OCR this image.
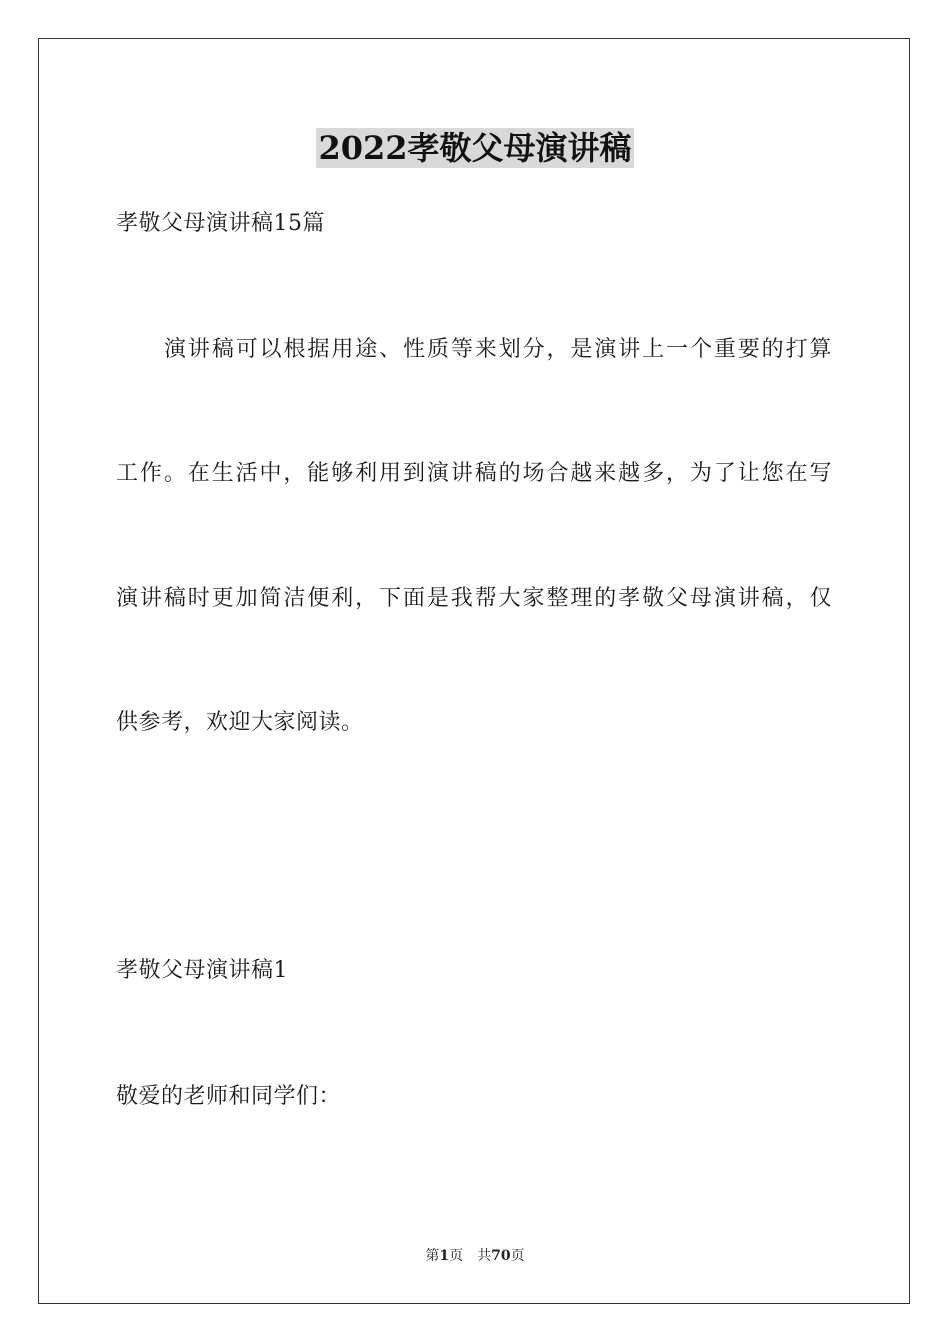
2022孝敬父母演讲稿

孝敬父母演讲稿15篇

演讲稿可以根据用途、性质等来划分，是演讲上一个重要的打算

工作。在生活中，能够利用到演讲稿的场合越来越多，为了让您在写

演讲稿时更加简洁便利，下面是我帮大家整理的孝敬父母演讲稿，仅

供参考，欢迎大家阅读。

孝敬父母演讲稿1

敬爱的老师和同学们：

第1页 共70页
